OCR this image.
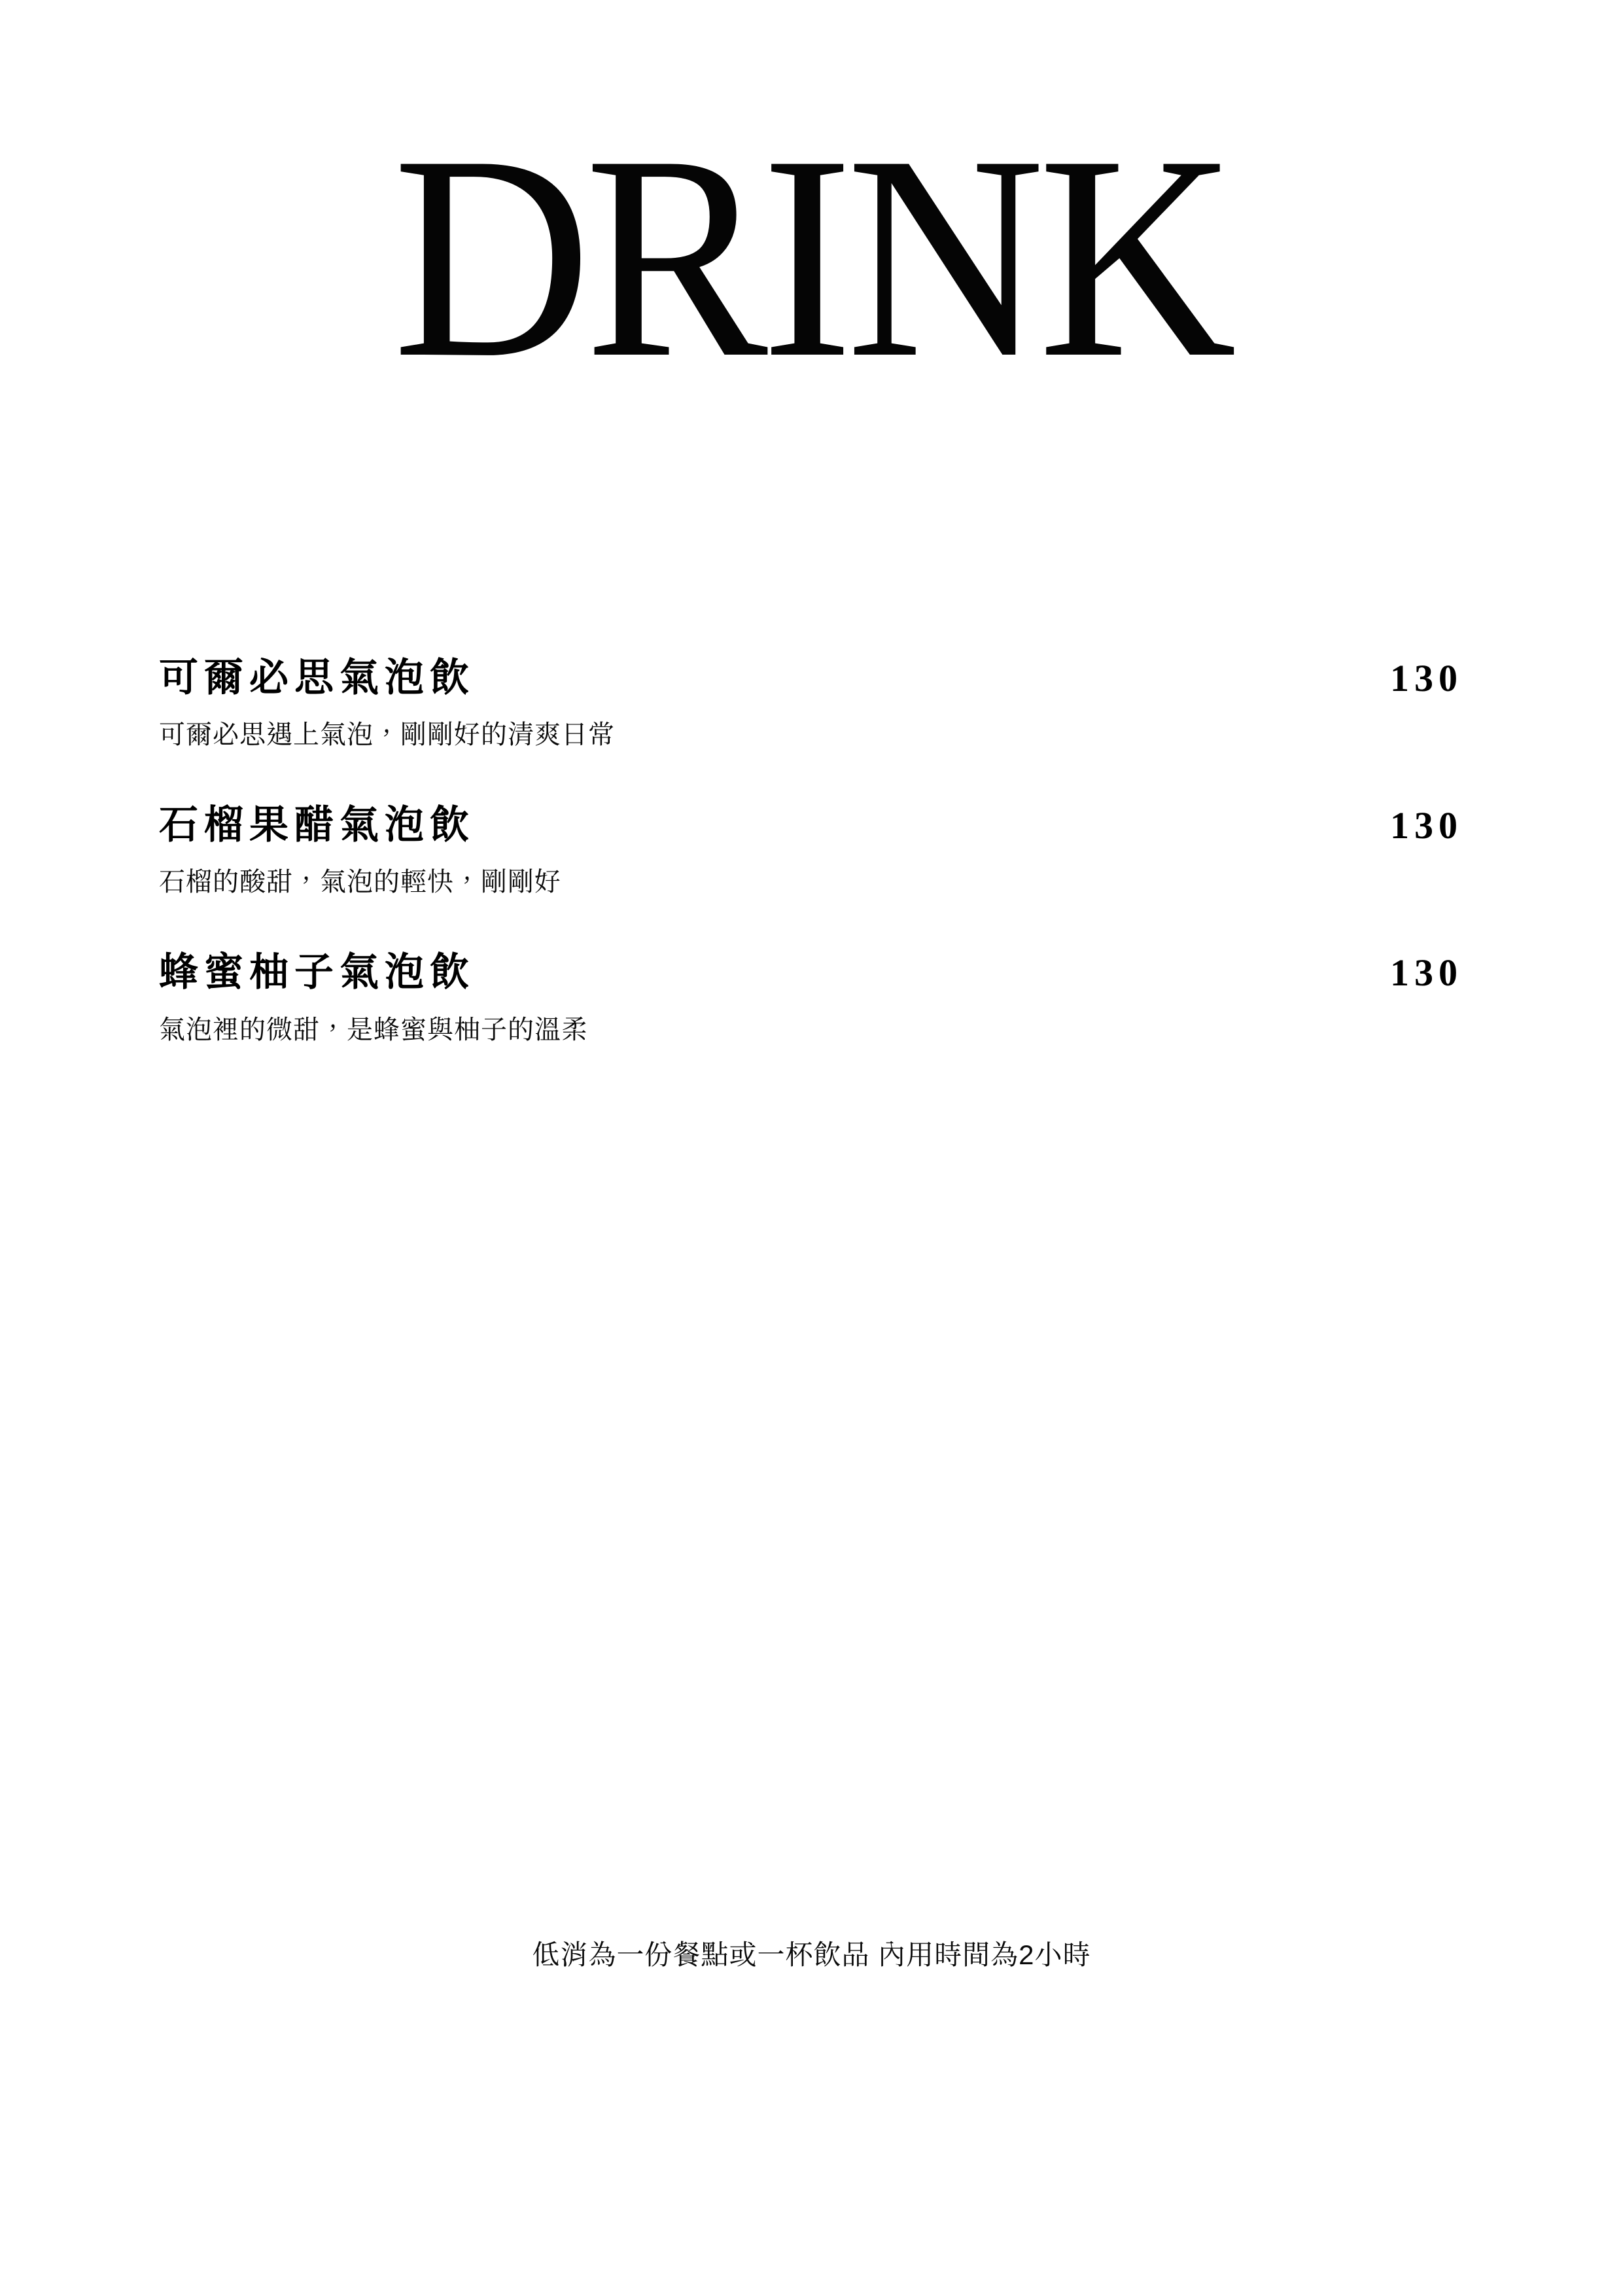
DRINK
可爾必思氣泡飲	130
可爾必思遇上氣泡，剛剛好的清爽日常
石榴果醋氣泡飲	130
石榴的酸甜，氣泡的輕快，剛剛好
蜂蜜柚子氣泡飲	130
氣泡裡的微甜，是蜂蜜與柚子的溫柔
低消為一份餐點或一杯飲品 內用時間為2小時
